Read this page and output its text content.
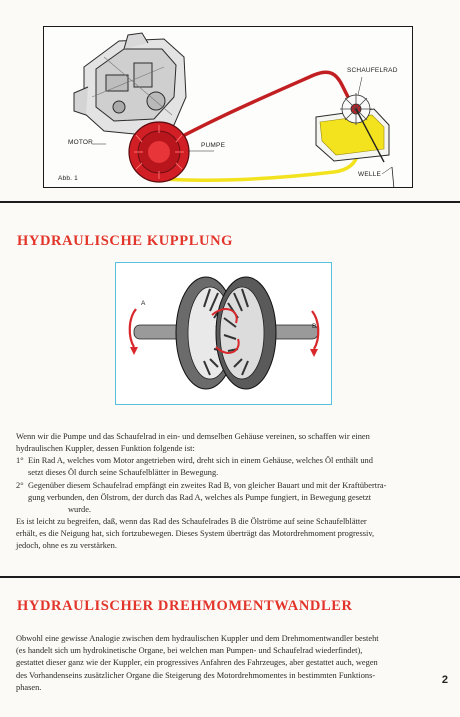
MOTOR	PUMPE
SCHAUFELRAD
WELLE
Abb. 1
HYDRAULISCHE KUPPLUNG
A
B
Wenn wir die Pumpe und das Schaufelrad in ein- und demselben Gehäuse vereinen, so schaffen wir einen
hydraulischen Kuppler, dessen Funktion folgende ist:
1° Ein Rad A, welches vom Motor angetrieben wird, dreht sich in einem Gehäuse, welches Öl enthält und
setzt dieses Öl durch seine Schaufelblätter in Bewegung.
2° Gegenüber diesem Schaufelrad empfängt ein zweites Rad B, von gleicher Bauart und mit der Kraftübertra-
gung verbunden, den Ölstrom, der durch das Rad A, welches als Pumpe fungiert, in Bewegung gesetzt
wurde.
Es ist leicht zu begreifen, daß, wenn das Rad des Schaufelrades B die Ölströme auf seine Schaufelblätter
erhält, es die Neigung hat, sich fortzubewegen. Dieses System überträgt das Motordrehmoment progressiv,
jedoch, ohne es zu verstärken.
HYDRAULISCHER DREHMOMENTWANDLER
Obwohl eine gewisse Analogie zwischen dem hydraulischen Kuppler und dem Drehmomentwandler besteht
(es handelt sich um hydrokinetische Organe, bei welchen man Pumpen- und Schaufelrad wiederfindet),
gestattet dieser ganz wie der Kuppler, ein progressives Anfahren des Fahrzeuges, aber gestattet auch, wegen
des Vorhandenseins zusätzlicher Organe die Steigerung des Motordrehmomentes in bestimmten Funktions-
phasen.
2
